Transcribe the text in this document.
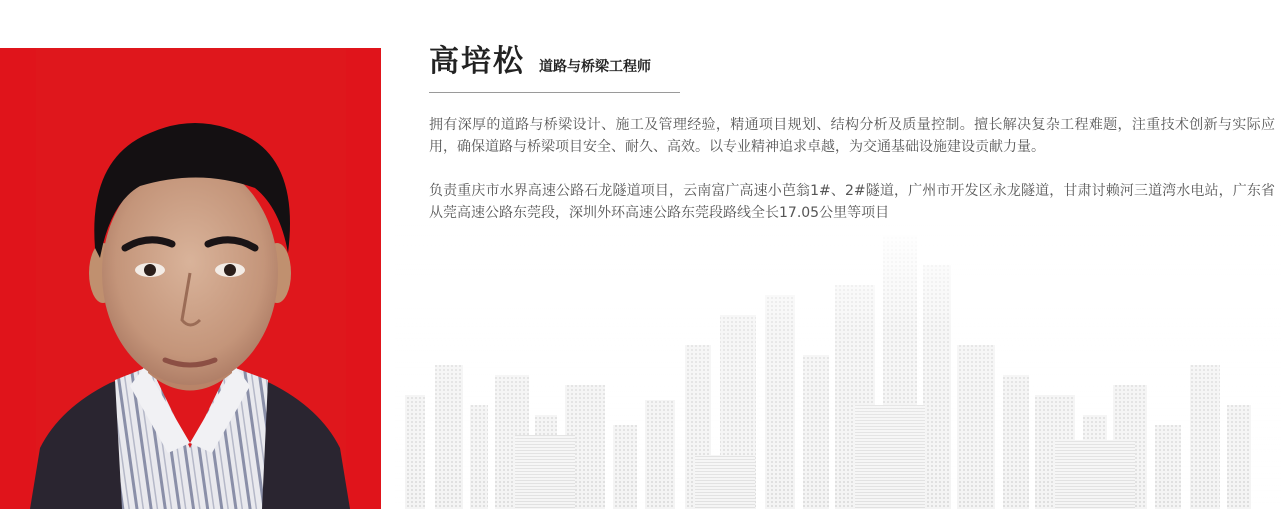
高培松 道路与桥梁工程师

拥有深厚的道路与桥梁设计、施工及管理经验，精通项目规划、结构分析及质量控制。擅长解决复杂工程难题，注重技术创新与实际应用，确保道路与桥梁项目安全、耐久、高效。以专业精神追求卓越，为交通基础设施建设贡献力量。

负责重庆市水界高速公路石龙隧道项目，云南富广高速小芭翁1#、2#隧道，广州市开发区永龙隧道，甘肃讨赖河三道湾水电站，广东省从莞高速公路东莞段，深圳外环高速公路东莞段路线全长17.05公里等项目
